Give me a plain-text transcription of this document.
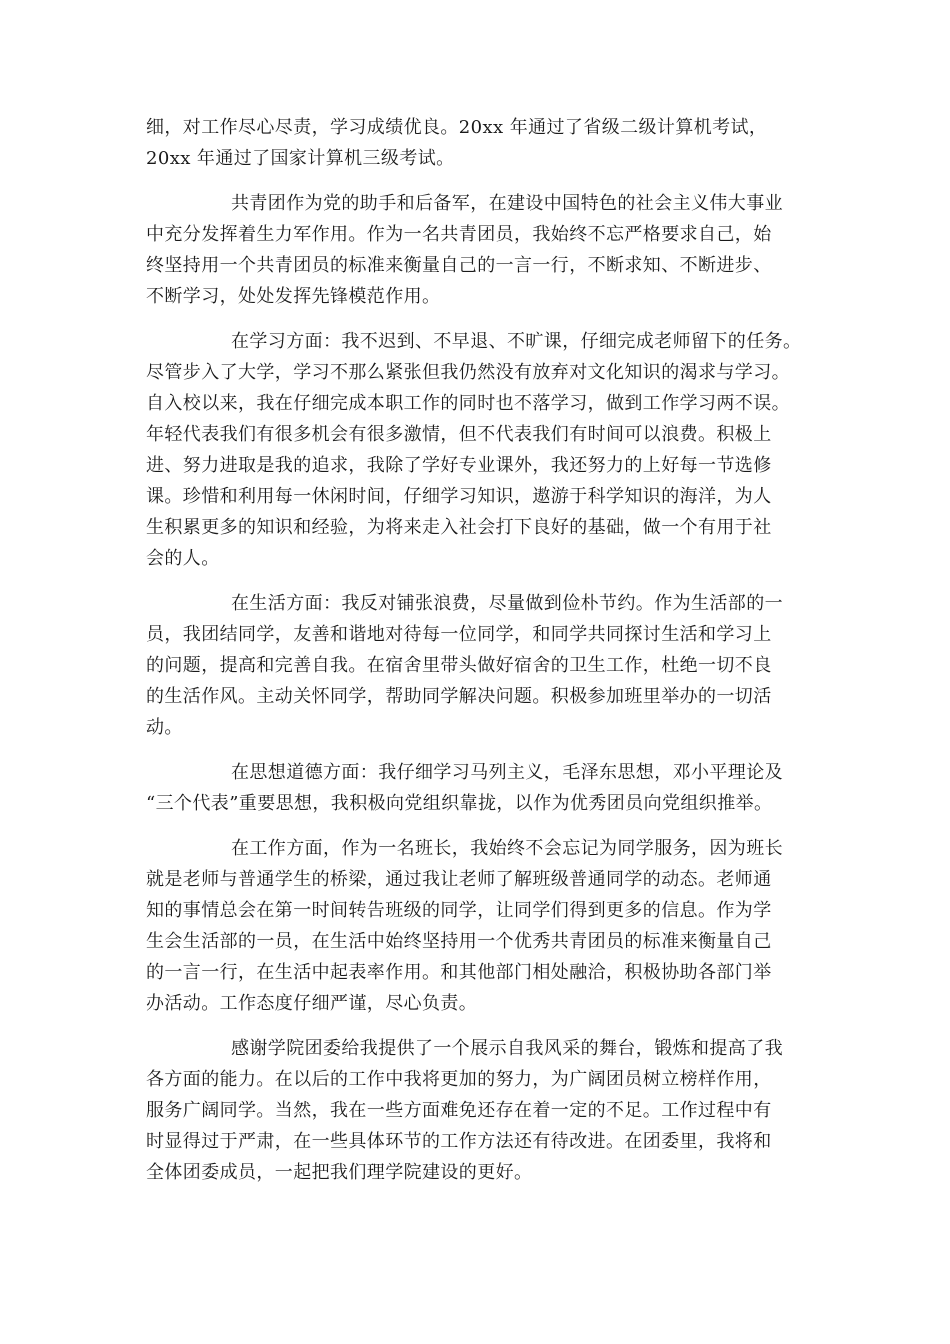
细，对工作尽心尽责，学习成绩优良。20xx 年通过了省级二级计算机考试，
20xx 年通过了国家计算机三级考试。
共青团作为党的助手和后备军，在建设中国特色的社会主义伟大事业
中充分发挥着生力军作用。作为一名共青团员，我始终不忘严格要求自己，始
终坚持用一个共青团员的标准来衡量自己的一言一行，不断求知、不断进步、
不断学习，处处发挥先锋模范作用。
在学习方面：我不迟到、不早退、不旷课，仔细完成老师留下的任务。
尽管步入了大学，学习不那么紧张但我仍然没有放弃对文化知识的渴求与学习。
自入校以来，我在仔细完成本职工作的同时也不落学习，做到工作学习两不误。
年轻代表我们有很多机会有很多激情，但不代表我们有时间可以浪费。积极上
进、努力进取是我的追求，我除了学好专业课外，我还努力的上好每一节选修
课。珍惜和利用每一休闲时间，仔细学习知识，遨游于科学知识的海洋，为人
生积累更多的知识和经验，为将来走入社会打下良好的基础，做一个有用于社
会的人。
在生活方面：我反对铺张浪费，尽量做到俭朴节约。作为生活部的一
员，我团结同学，友善和谐地对待每一位同学，和同学共同探讨生活和学习上
的问题，提高和完善自我。在宿舍里带头做好宿舍的卫生工作，杜绝一切不良
的生活作风。主动关怀同学，帮助同学解决问题。积极参加班里举办的一切活
动。
在思想道德方面：我仔细学习马列主义，毛泽东思想，邓小平理论及
“三个代表”重要思想，我积极向党组织靠拢，以作为优秀团员向党组织推举。
在工作方面，作为一名班长，我始终不会忘记为同学服务，因为班长
就是老师与普通学生的桥梁，通过我让老师了解班级普通同学的动态。老师通
知的事情总会在第一时间转告班级的同学，让同学们得到更多的信息。作为学
生会生活部的一员，在生活中始终坚持用一个优秀共青团员的标准来衡量自己
的一言一行，在生活中起表率作用。和其他部门相处融洽，积极协助各部门举
办活动。工作态度仔细严谨，尽心负责。
感谢学院团委给我提供了一个展示自我风采的舞台，锻炼和提高了我
各方面的能力。在以后的工作中我将更加的努力，为广阔团员树立榜样作用，
服务广阔同学。当然，我在一些方面难免还存在着一定的不足。工作过程中有
时显得过于严肃，在一些具体环节的工作方法还有待改进。在团委里，我将和
全体团委成员，一起把我们理学院建设的更好。
